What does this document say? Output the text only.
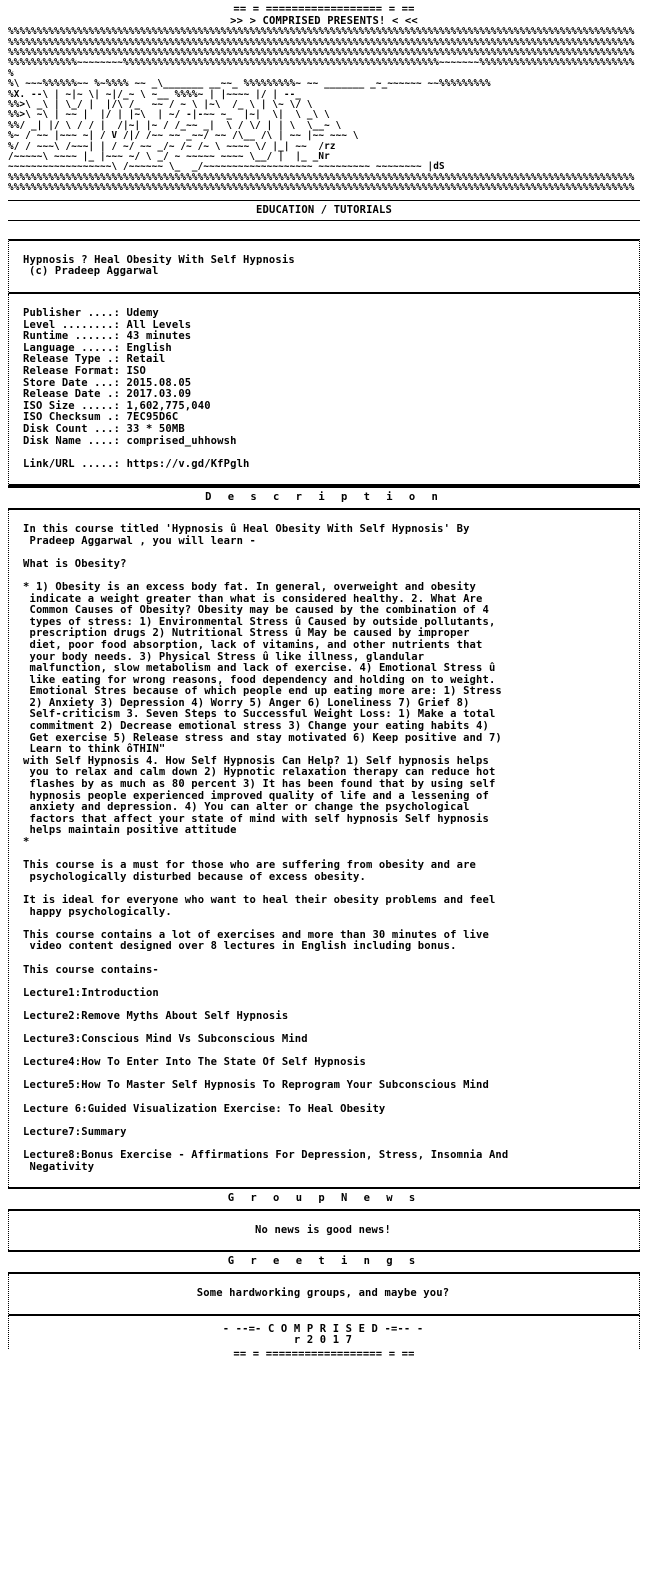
== = ================== = ==
>> > COMPRISED PRESENTS! < <<
%%%%%%%%%%%%%%%%%%%%%%%%%%%%%%%%%%%%%%%%%%%%%%%%%%%%%%%%%%%%%%%%%%%%%%%%%%%%%%%%%%%%%%%%%%%%%%%%%%%%%%%%%%%%%
%%%%%%%%%%%%%%%%%%%%%%%%%%%%%%%%%%%%%%%%%%%%%%%%%%%%%%%%%%%%%%%%%%%%%%%%%%%%%%%%%%%%%%%%%%%%%%%%%%%%%%%%%%%%%
%%%%%%%%%%%%%%%%%%%%%%%%%%%%%%%%%%%%%%%%%%%%%%%%%%%%%%%%%%%%%%%%%%%%%%%%%%%%%%%%%%%%%%%%%%%%%%%%%%%%%%%%%%%%%
%%%%%%%%%%%%~~~~~~~~%%%%%%%%%%%%%%%%%%%%%%%%%%%%%%%%%%%%%%%%%%%%%%%%%%%%%%%~~~~~~~%%%%%%%%%%%%%%%%%%%%%%%%%%%%
%\ ~~~%%%%%%~~ %~%%%% ~~ _\_______ __~~_ %%%%%%%%%~ ~~ _______ _~_~~~~~~ ~~%%%%%%%%%
%X. --\ | ~|~ \| ~|/_~ \ ~__ %%%%~ | |~~~~ |/ | --_
%%>\ _\ | \_/ |  |/\ /_  ~~ / ~ \ |~\  /_ \ | \~ \/ \
%%>\ ~\ | ~~ |  |/ | |~\  | ~/ -|-~~ ~_  |~|  \|  \ _\ \
%%/ _| |/ \ / / |  /|~| |~ / /_~~ _|  \ / \/ | | \  \__~ \
%~ / ~~ |~~~ ~| / V /|/ /~~ ~~ _~~/ ~~ /\__ /\ | ~~ |~~ ~~~ \
%/ / ~~~\ /~~~| | / ~/ ~~ _/~ /~ /~ \ ~~~~ \/ |_| ~~  /rz
/~~~~~\ ~~~~ |_ |~~~ ~/ \ _/ ~ ~~~~~ ~~~~ \__/ |  |_ _Nr
~~~~~~~~~~~~~~~~~~\ /~~~~~~ \_  _/~~~~~~~~~~~~~~~~~~~ ~~~~~~~~~ ~~~~~~~~ |dS
%%%%%%%%%%%%%%%%%%%%%%%%%%%%%%%%%%%%%%%%%%%%%%%%%%%%%%%%%%%%%%%%%%%%%%%%%%%%%%%%%%%%%%%%%%%%%%%%%%%%%%%%%%%%%
%%%%%%%%%%%%%%%%%%%%%%%%%%%%%%%%%%%%%%%%%%%%%%%%%%%%%%%%%%%%%%%%%%%%%%%%%%%%%%%%%%%%%%%%%%%%%%%%%%%%%%%%%%%%%
EDUCATION / TUTORIALS
Hypnosis ? Heal Obesity With Self Hypnosis
(c) Pradeep Aggarwal
Publisher ....: Udemy
Level ........: All Levels
Runtime ......: 43 minutes
Language .....: English
Release Type .: Retail
Release Format: ISO
Store Date ...: 2015.08.05
Release Date .: 2017.03.09
ISO Size .....: 1,602,775,040
ISO Checksum .: 7EC95D6C
Disk Count ...: 33 * 50MB
Disk Name ....: comprised_uhhowsh
Link/URL .....: https://v.gd/KfPglh
D e s c r i p t i o n
In this course titled 'Hypnosis û Heal Obesity With Self Hypnosis' By
Pradeep Aggarwal , you will learn -
What is Obesity?
* 1) Obesity is an excess body fat. In general, overweight and obesity
indicate a weight greater than what is considered healthy. 2. What Are
Common Causes of Obesity? Obesity may be caused by the combination of 4
types of stress: 1) Environmental Stress û Caused by outside pollutants,
prescription drugs 2) Nutritional Stress û May be caused by improper
diet, poor food absorption, lack of vitamins, and other nutrients that
your body needs. 3) Physical Stress û like illness, glandular
malfunction, slow metabolism and lack of exercise. 4) Emotional Stress û
like eating for wrong reasons, food dependency and holding on to weight.
Emotional Stres because of which people end up eating more are: 1) Stress
2) Anxiety 3) Depression 4) Worry 5) Anger 6) Loneliness 7) Grief 8)
Self-criticism 3. Seven Steps to Successful Weight Loss: 1) Make a total
commitment 2) Decrease emotional stress 3) Change your eating habits 4)
Get exercise 5) Release stress and stay motivated 6) Keep positive and 7)
Learn to think ôTHIN"
with Self Hypnosis 4. How Self Hypnosis Can Help? 1) Self hypnosis helps
you to relax and calm down 2) Hypnotic relaxation therapy can reduce hot
flashes by as much as 80 percent 3) It has been found that by using self
hypnosis people experienced improved quality of life and a lessening of
anxiety and depression. 4) You can alter or change the psychological
factors that affect your state of mind with self hypnosis Self hypnosis
helps maintain positive attitude
*
This course is a must for those who are suffering from obesity and are
psychologically disturbed because of excess obesity.
It is ideal for everyone who want to heal their obesity problems and feel
happy psychologically.
This course contains a lot of exercises and more than 30 minutes of live
video content designed over 8 lectures in English including bonus.
This course contains-
Lecture1:Introduction
Lecture2:Remove Myths About Self Hypnosis
Lecture3:Conscious Mind Vs Subconscious Mind
Lecture4:How To Enter Into The State Of Self Hypnosis
Lecture5:How To Master Self Hypnosis To Reprogram Your Subconscious Mind
Lecture 6:Guided Visualization Exercise: To Heal Obesity
Lecture7:Summary
Lecture8:Bonus Exercise - Affirmations For Depression, Stress, Insomnia And
Negativity
G r o u p N e w s
No news is good news!
G r e e t i n g s
Some hardworking groups, and maybe you?
- --=- C O M P R I S E D -=-- -
r 2 0 1 7
== = ================== = ==
